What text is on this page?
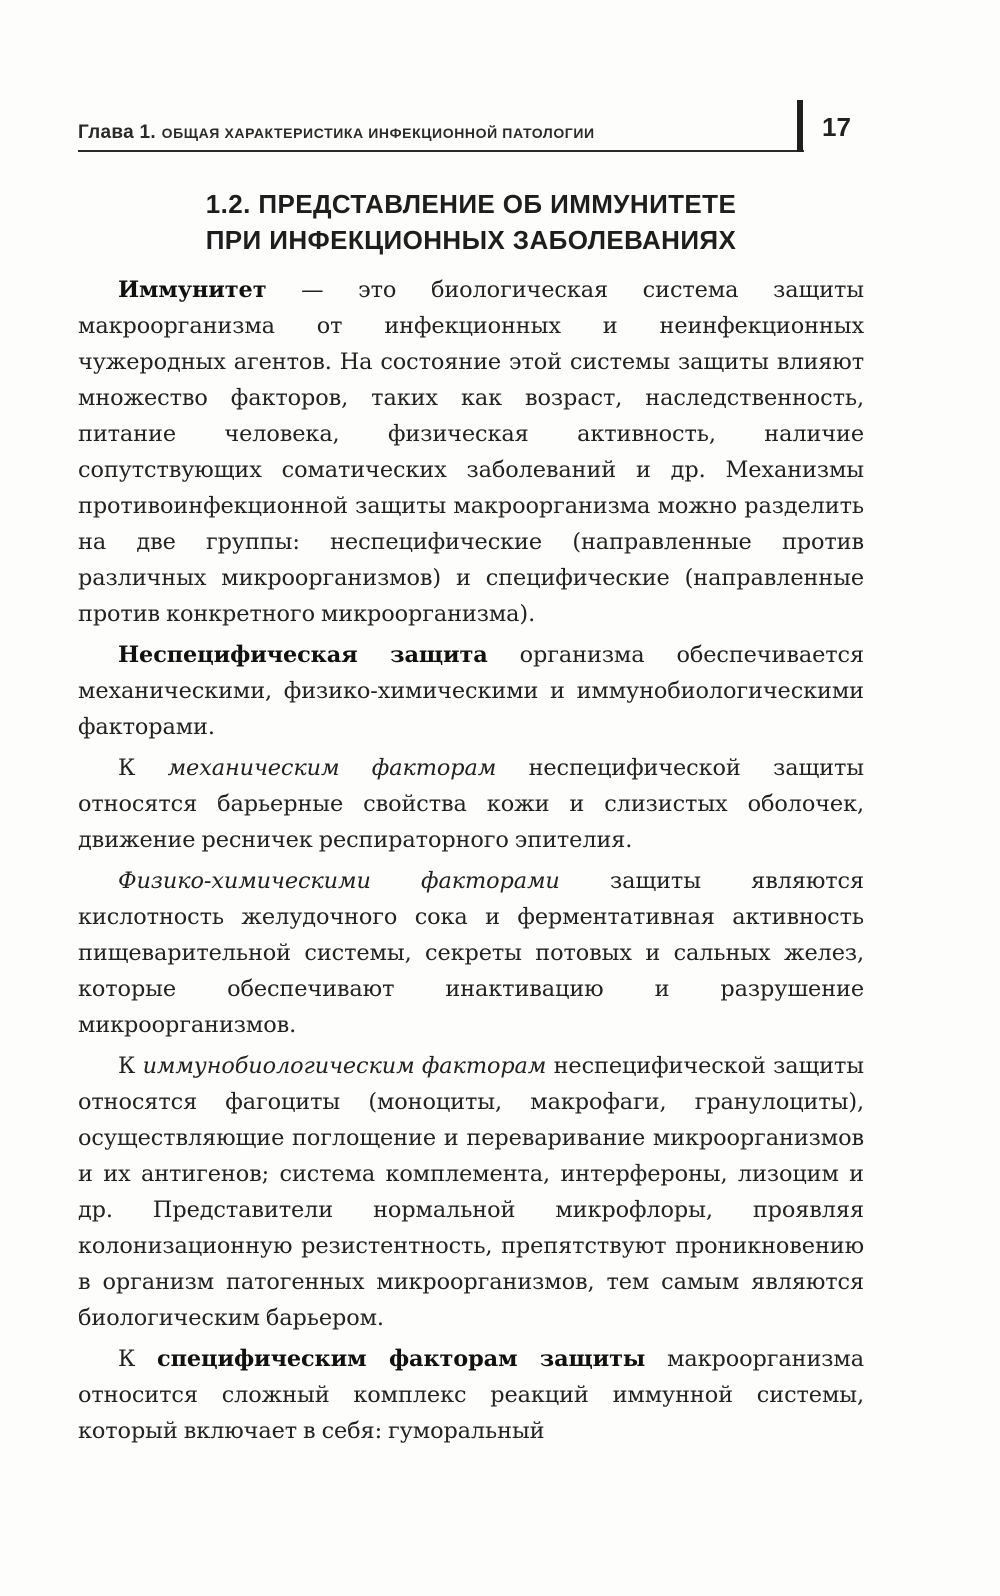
Глава 1. ОБЩАЯ ХАРАКТЕРИСТИКА ИНФЕКЦИОННОЙ ПАТОЛОГИИ	17
1.2. ПРЕДСТАВЛЕНИЕ ОБ ИММУНИТЕТЕ
ПРИ ИНФЕКЦИОННЫХ ЗАБОЛЕВАНИЯХ

Иммунитет — это биологическая система защиты макроорганизма от инфекционных и неинфекционных чужеродных агентов. На состояние этой системы защиты влияют множество факторов, таких как возраст, наследственность, питание человека, физическая активность, наличие сопутствующих соматических заболеваний и др. Механизмы противоинфекционной защиты макроорганизма можно разделить на две группы: неспецифические (направленные против различных микроорганизмов) и специфические (направленные против конкретного микроорганизма).

Неспецифическая защита организма обеспечивается механическими, физико-химическими и иммунобиологическими факторами.

К механическим факторам неспецифической защиты относятся барьерные свойства кожи и слизистых оболочек, движение ресничек респираторного эпителия.

Физико-химическими факторами защиты являются кислотность желудочного сока и ферментативная активность пищеварительной системы, секреты потовых и сальных желез, которые обеспечивают инактивацию и разрушение микроорганизмов.

К иммунобиологическим факторам неспецифической защиты относятся фагоциты (моноциты, макрофаги, гранулоциты), осуществляющие поглощение и переваривание микроорганизмов и их антигенов; система комплемента, интерфероны, лизоцим и др. Представители нормальной микрофлоры, проявляя колонизационную резистентность, препятствуют проникновению в организм патогенных микроорганизмов, тем самым являются биологическим барьером.

К специфическим факторам защиты макроорганизма относится сложный комплекс реакций иммунной системы, который включает в себя: гуморальный
